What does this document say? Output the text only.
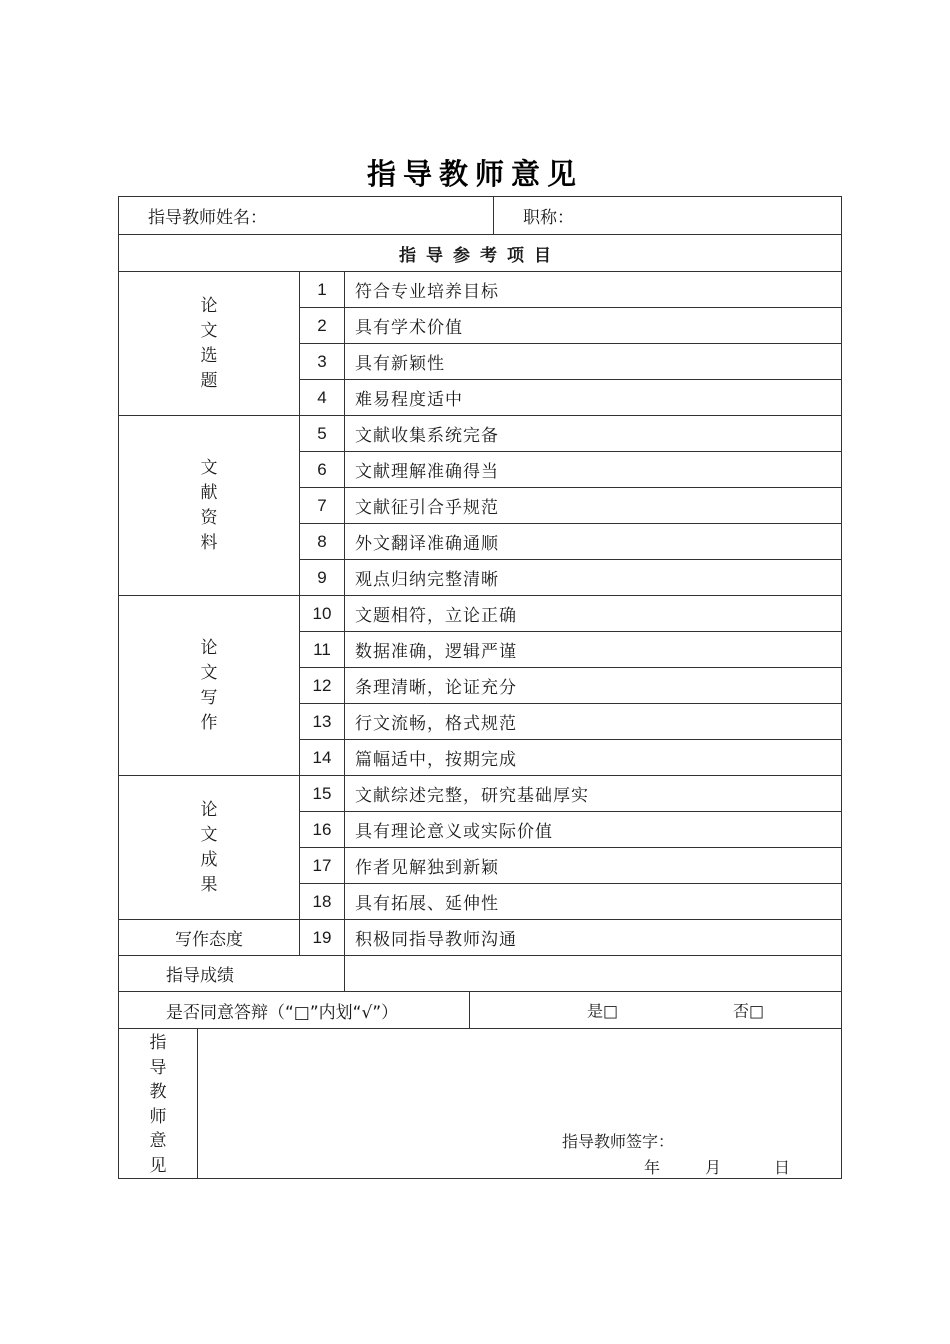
指导教师意见
指导教师姓名：					职称：
指导参考项目					

论
文
选
题		1	符合专业培养目标		
		2	具有学术价值		
		3	具有新颖性		
		4	难易程度适中		

文
献
资
料		5	文献收集系统完备		
		6	文献理解准确得当		
		7	文献征引合乎规范		
		8	外文翻译准确通顺		
		9	观点归纳完整清晰		

论
文
写
作		10	文题相符，立论正确		
		11	数据准确，逻辑严谨		
		12	条理清晰，论证充分		
		13	行文流畅，格式规范		
		14	篇幅适中，按期完成		

论
文
成
果		15	文献综述完整，研究基础厚实		
		16	具有理论意义或实际价值		
		17	作者见解独到新颖		
		18	具有拓展、延伸性		
写作态度		19	积极同指导教师沟通		
指导成绩					
是否同意答辩（“□”内划“√”）				是□ 否□	

指
导
教
师
意
见

指导教师签字：
年	月	日
